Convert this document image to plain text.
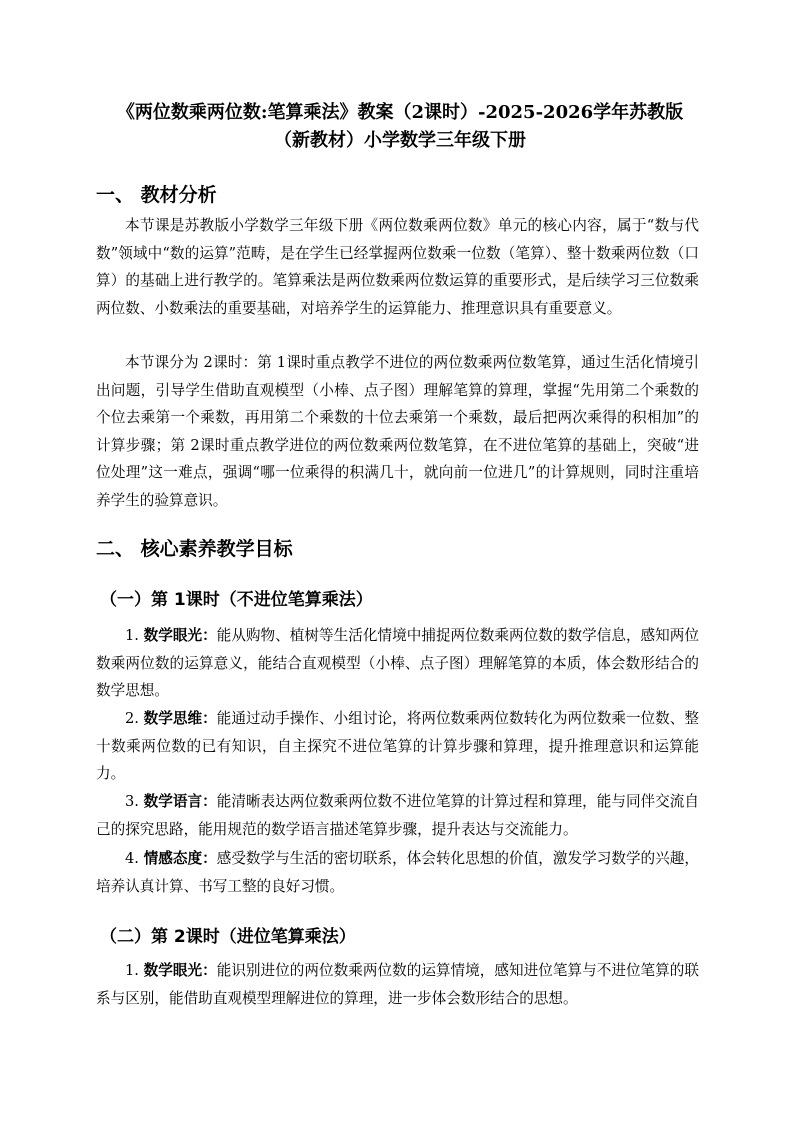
《两位数乘两位数:笔算乘法》教案（2课时）-2025-2026学年苏教版
（新教材）小学数学三年级下册
一、 教材分析

本节课是苏教版小学数学三年级下册《两位数乘两位数》单元的核心内容，属于“数与代数”领域中“数的运算”范畴，是在学生已经掌握两位数乘一位数（笔算）、整十数乘两位数（口算）的基础上进行教学的。笔算乘法是两位数乘两位数运算的重要形式，是后续学习三位数乘两位数、小数乘法的重要基础，对培养学生的运算能力、推理意识具有重要意义。

本节课分为 2课时：第 1课时重点教学不进位的两位数乘两位数笔算，通过生活化情境引出问题，引导学生借助直观模型（小棒、点子图）理解笔算的算理，掌握“先用第二个乘数的个位去乘第一个乘数，再用第二个乘数的十位去乘第一个乘数，最后把两次乘得的积相加”的计算步骤；第 2课时重点教学进位的两位数乘两位数笔算，在不进位笔算的基础上，突破“进位处理”这一难点，强调“哪一位乘得的积满几十，就向前一位进几”的计算规则，同时注重培养学生的验算意识。

二、 核心素养教学目标
（一）第 1课时（不进位笔算乘法）

1. 数学眼光：能从购物、植树等生活化情境中捕捉两位数乘两位数的数学信息，感知两位数乘两位数的运算意义，能结合直观模型（小棒、点子图）理解笔算的本质，体会数形结合的数学思想。

2. 数学思维：能通过动手操作、小组讨论，将两位数乘两位数转化为两位数乘一位数、整十数乘两位数的已有知识，自主探究不进位笔算的计算步骤和算理，提升推理意识和运算能力。

3. 数学语言：能清晰表达两位数乘两位数不进位笔算的计算过程和算理，能与同伴交流自己的探究思路，能用规范的数学语言描述笔算步骤，提升表达与交流能力。

4. 情感态度：感受数学与生活的密切联系，体会转化思想的价值，激发学习数学的兴趣，培养认真计算、书写工整的良好习惯。

（二）第 2课时（进位笔算乘法）

1. 数学眼光：能识别进位的两位数乘两位数的运算情境，感知进位笔算与不进位笔算的联系与区别，能借助直观模型理解进位的算理，进一步体会数形结合的思想。
